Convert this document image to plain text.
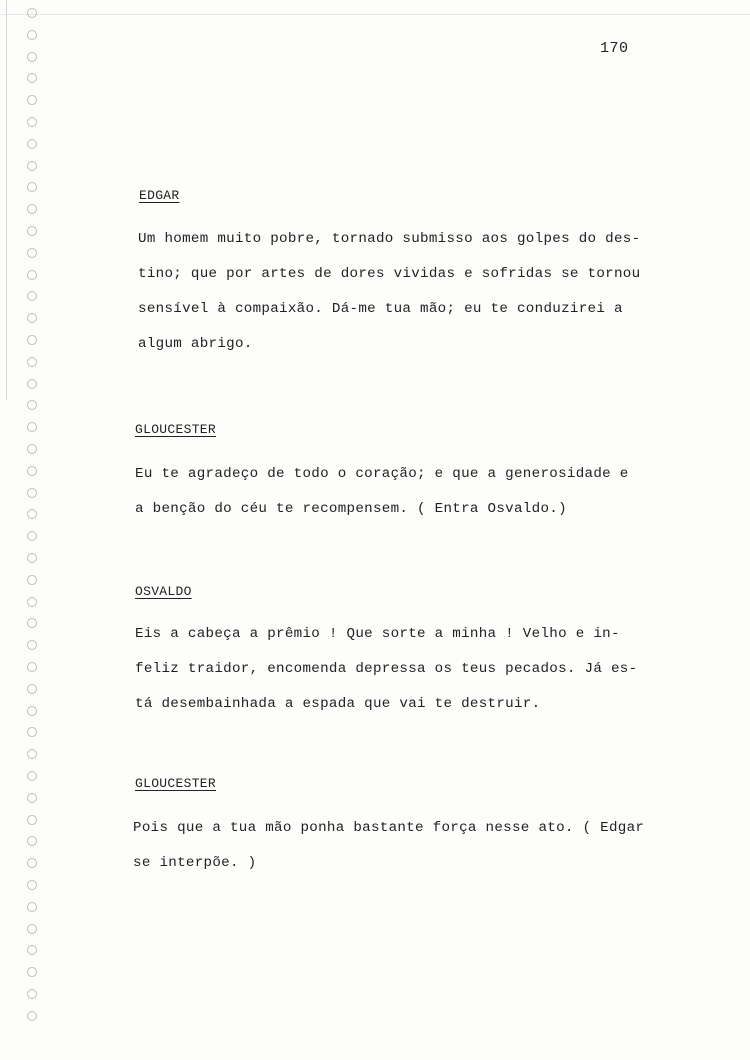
170
EDGAR
Um homem muito pobre, tornado submisso aos golpes do des-
tino; que por artes de dores vividas e sofridas se tornou
sensível à compaixão. Dá-me tua mão; eu te conduzirei a
algum abrigo.
GLOUCESTER
Eu te agradeço de todo o coração; e que a generosidade e
a benção do céu te recompensem. ( Entra Osvaldo.)
OSVALDO
Eis a cabeça a prêmio ! Que sorte a minha ! Velho e in-
feliz traidor, encomenda depressa os teus pecados. Já es-
tá desembainhada a espada que vai te destruir.
GLOUCESTER
Pois que a tua mão ponha bastante força nesse ato. ( Edgar
se interpõe. )
